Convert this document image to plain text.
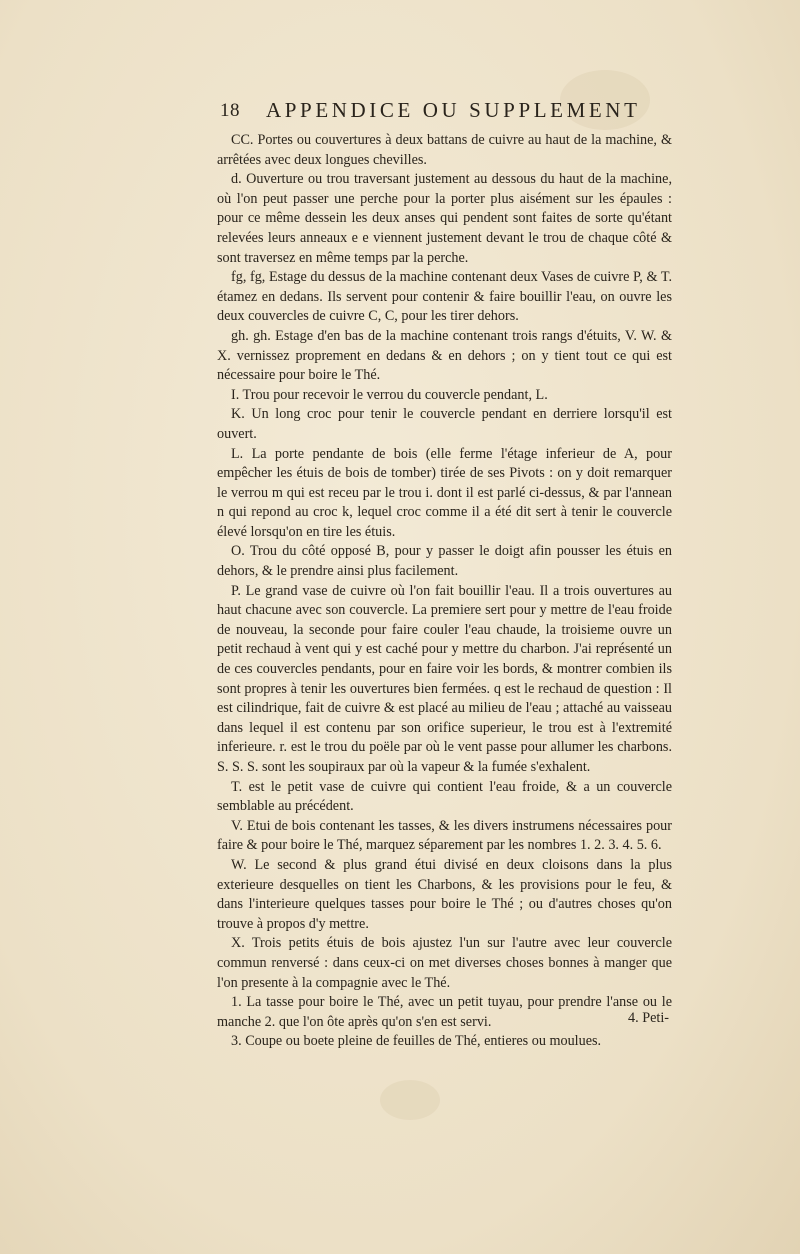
18 APPENDICE OU SUPPLEMENT

CC. Portes ou couvertures à deux battans de cuivre au haut de la machine, & arrêtées avec deux longues chevilles.

d. Ouverture ou trou traversant justement au dessous du haut de la machine, où l'on peut passer une perche pour la porter plus aisément sur les épaules : pour ce même dessein les deux anses qui pendent sont faites de sorte qu'étant relevées leurs anneaux e e viennent justement devant le trou de chaque côté & sont traversez en même temps par la perche.

fg, fg, Estage du dessus de la machine contenant deux Vases de cuivre P, & T. étamez en dedans. Ils servent pour contenir & faire bouillir l'eau, on ouvre les deux couvercles de cuivre C, C, pour les tirer dehors.

gh. gh. Estage d'en bas de la machine contenant trois rangs d'étuits, V. W. & X. vernissez proprement en dedans & en dehors ; on y tient tout ce qui est nécessaire pour boire le Thé.

I. Trou pour recevoir le verrou du couvercle pendant, L.

K. Un long croc pour tenir le couvercle pendant en derriere lorsqu'il est ouvert.

L. La porte pendante de bois (elle ferme l'étage inferieur de A, pour empêcher les étuis de bois de tomber) tirée de ses Pivots : on y doit remarquer le verrou m qui est receu par le trou i. dont il est parlé ci-dessus, & par l'annean n qui repond au croc k, lequel croc comme il a été dit sert à tenir le couvercle élevé lorsqu'on en tire les étuis.

O. Trou du côté opposé B, pour y passer le doigt afin pousser les étuis en dehors, & le prendre ainsi plus facilement.

P. Le grand vase de cuivre où l'on fait bouillir l'eau. Il a trois ouvertures au haut chacune avec son couvercle. La premiere sert pour y mettre de l'eau froide de nouveau, la seconde pour faire couler l'eau chaude, la troisieme ouvre un petit rechaud à vent qui y est caché pour y mettre du charbon. J'ai représenté un de ces couvercles pendants, pour en faire voir les bords, & montrer combien ils sont propres à tenir les ouvertures bien fermées. q est le rechaud de question : Il est cilindrique, fait de cuivre & est placé au milieu de l'eau ; attaché au vaisseau dans lequel il est contenu par son orifice superieur, le trou est à l'extremité inferieure. r. est le trou du poële par où le vent passe pour allumer les charbons. S. S. S. sont les soupiraux par où la vapeur & la fumée s'exhalent.

T. est le petit vase de cuivre qui contient l'eau froide, & a un couvercle semblable au précédent.

V. Etui de bois contenant les tasses, & les divers instrumens nécessaires pour faire & pour boire le Thé, marquez séparement par les nombres 1. 2. 3. 4. 5. 6.

W. Le second & plus grand étui divisé en deux cloisons dans la plus exterieure desquelles on tient les Charbons, & les provisions pour le feu, & dans l'interieure quelques tasses pour boire le Thé ; ou d'autres choses qu'on trouve à propos d'y mettre.

X. Trois petits étuis de bois ajustez l'un sur l'autre avec leur couvercle commun renversé : dans ceux-ci on met diverses choses bonnes à manger que l'on presente à la compagnie avec le Thé.

1. La tasse pour boire le Thé, avec un petit tuyau, pour prendre l'anse ou le manche 2. que l'on ôte après qu'on s'en est servi.

3. Coupe ou boete pleine de feuilles de Thé, entieres ou moulues.

4. Peti-
